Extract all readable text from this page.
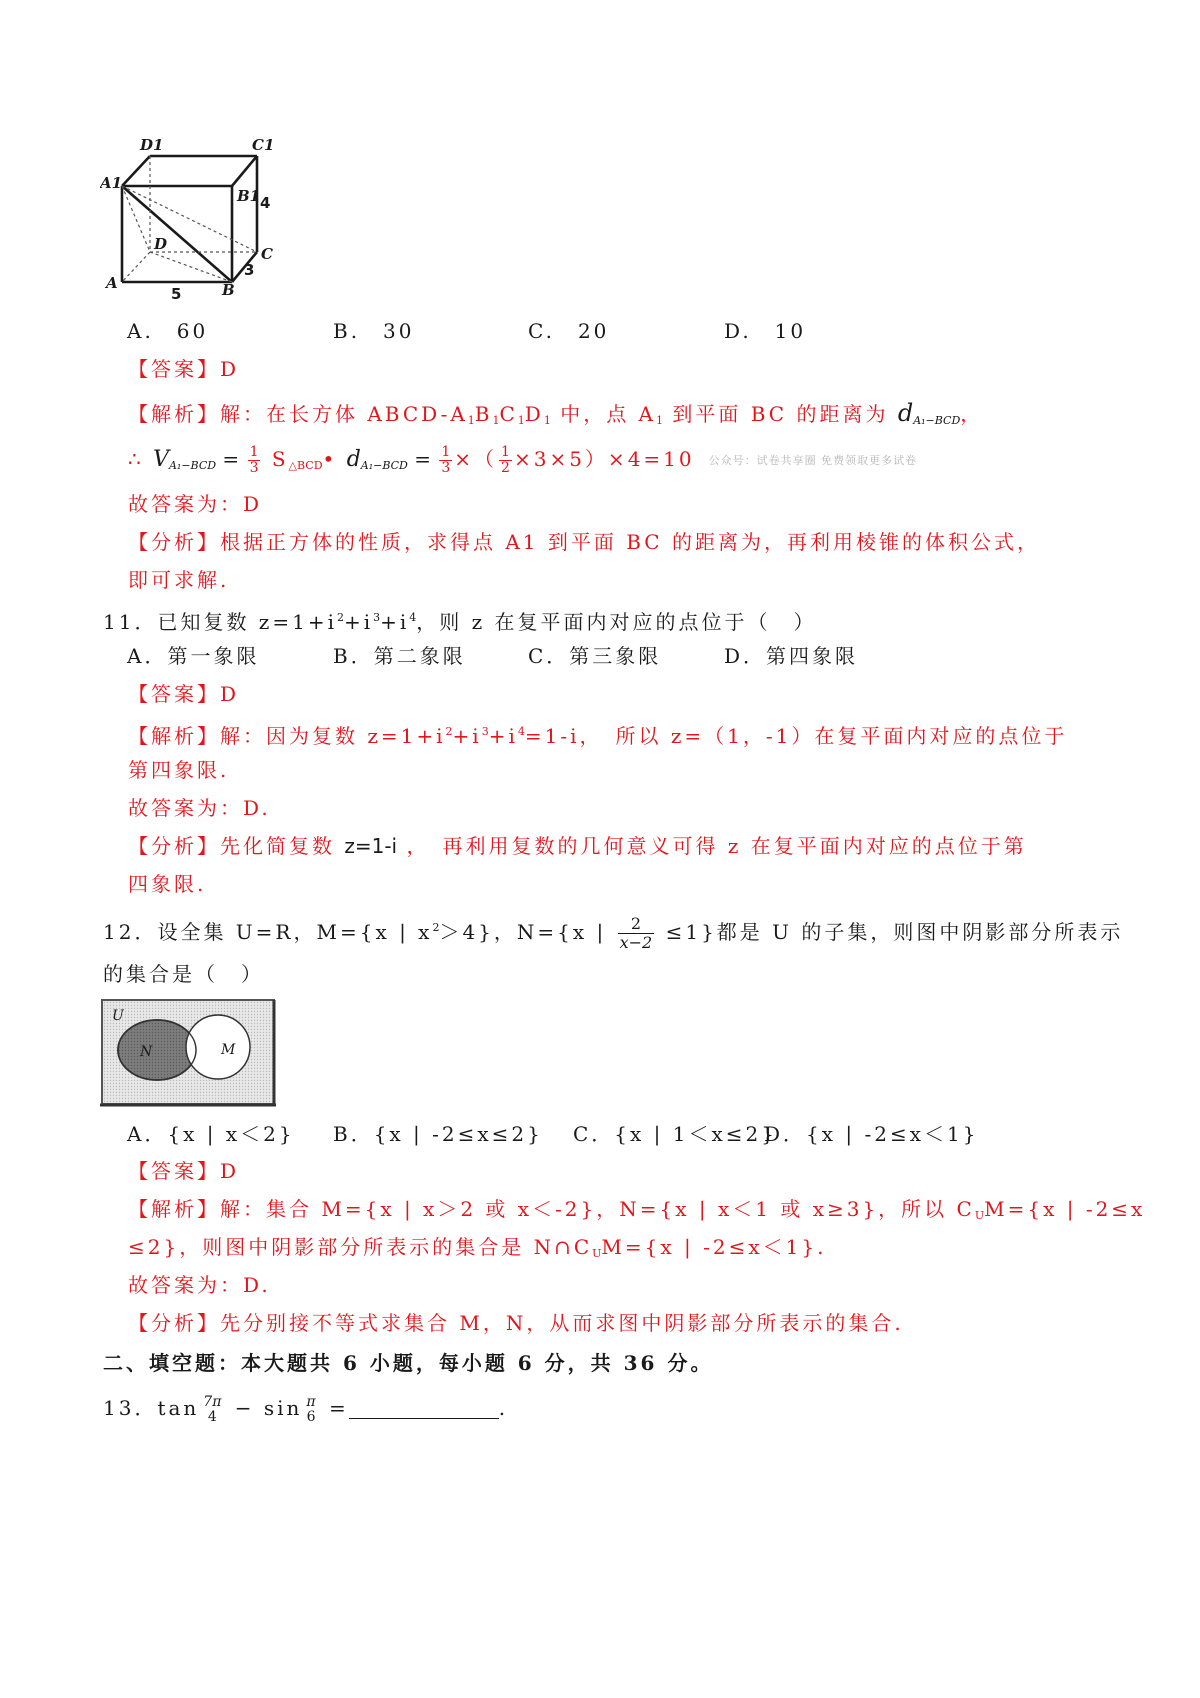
D1	C1
A1
B1
D
C
A	B
4
3
5
A.　60	B.　30	C.　20	D.　10
【答案】D
【解析】解：在长方体 ABCD-$A_1B_1C_1D_1$ 中，点 $A_1$ 到平面 BC 的距离为 $d_{A_1-BCD}$，
∴ $V_{A_1-BCD} = \frac{1}{3}$ $S_{\triangle BCD}•$ $d_{A_1-BCD} = \frac{1}{3}$ ×（ $\frac{1}{2} \times 3\times 5)\times 4=10$ 公众号：试卷共享圈 免费领取更多试卷
故答案为：D
【分析】根据正方体的性质，求得点 A1 到平面 BC 的距离为，再利用棱锥的体积公式，
即可求解.
11．已知复数 $z=1+i^2+i^3+i^4$，则 z 在复平面内对应的点位于（　）
A．第一象限	B．第二象限	C．第三象限	D．第四象限
【答案】D
【解析】解：因为复数 $z=1+i^2+i^3+i^4=1-i$，　所以 z=（1，-1）在复平面内对应的点位于
第四象限.
故答案为：D.
【分析】先化简复数 z=1-i ，　再利用复数的几何意义可得 z 在复平面内对应的点位于第
四象限.
12．设全集 U=R，M={x | $x^2>4$}，N={x | $\frac{2}{x-2} \le 1$}都是 U 的子集，则图中阴影部分所表示
的集合是（　）
U
N	M
A．{x | x＜2} B．{x | -2≤x≤2} C．{x | 1＜x≤2}
D．{x | -2≤x＜1}
【答案】D
【解析】解：集合 M={x | x＞2 或 x＜-2}，N={x | x＜1 或 x≥3}，所以 $C_UM=\{x$ | -2≤x
≤2}，则图中阴影部分所表示的集合是 $N\cap C_UM=\{x$ | -2≤x＜1}.
故答案为：D.
【分析】先分别接不等式求集合 M，N，从而求图中阴影部分所表示的集合.
二、填空题：本大题共 6 小题，每小题 6 分，共 36 分。
13．tan 7π
4 − sin π
6 =	.
